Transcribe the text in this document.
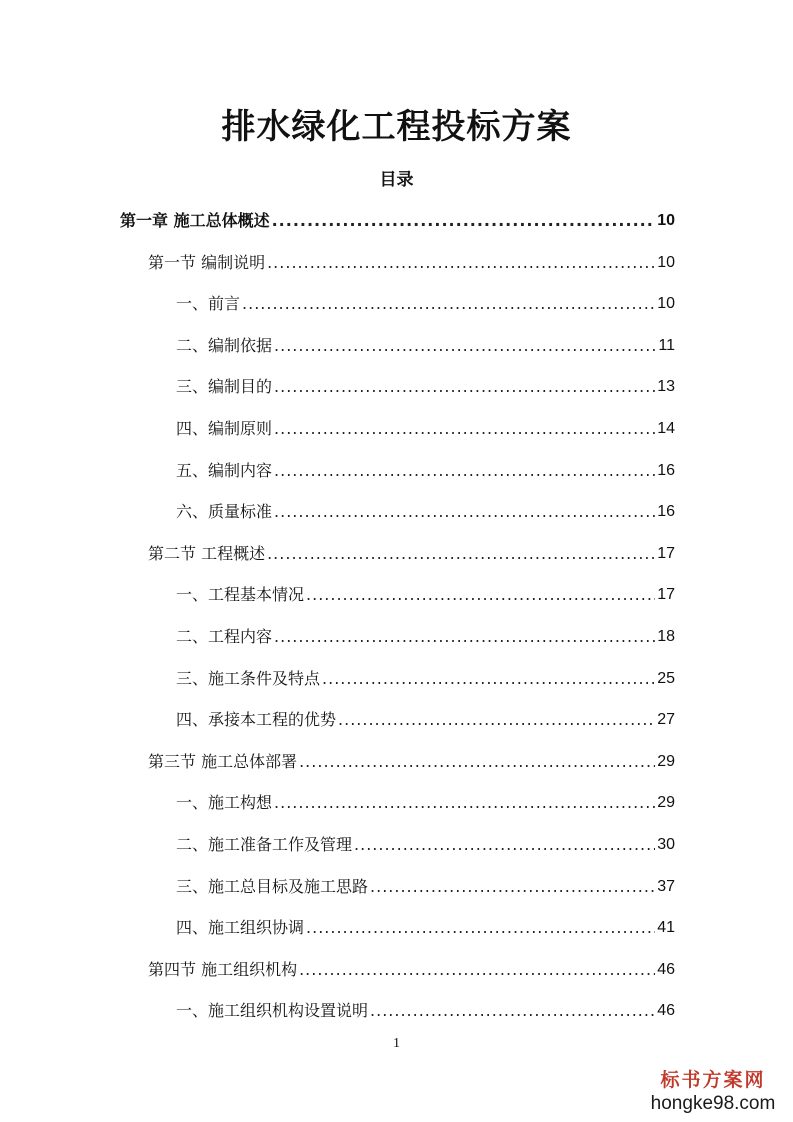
排水绿化工程投标方案
目录
第一章 施工总体概述 .....	10
第一节 编制说明 .....	10
一、前言 .....	10
二、编制依据 .....	11
三、编制目的 .....	13
四、编制原则 .....	14
五、编制内容 .....	16
六、质量标准 .....	16
第二节 工程概述 .....	17
一、工程基本情况 .....	17
二、工程内容 .....	18
三、施工条件及特点 .....	25
四、承接本工程的优势 .....	27
第三节 施工总体部署 .....	29
一、施工构想 .....	29
二、施工准备工作及管理 .....	30
三、施工总目标及施工思路 .....	37
四、施工组织协调 .....	41
第四节 施工组织机构 .....	46
一、施工组织机构设置说明 .....	46
1
标书方案网
hongke98.com
